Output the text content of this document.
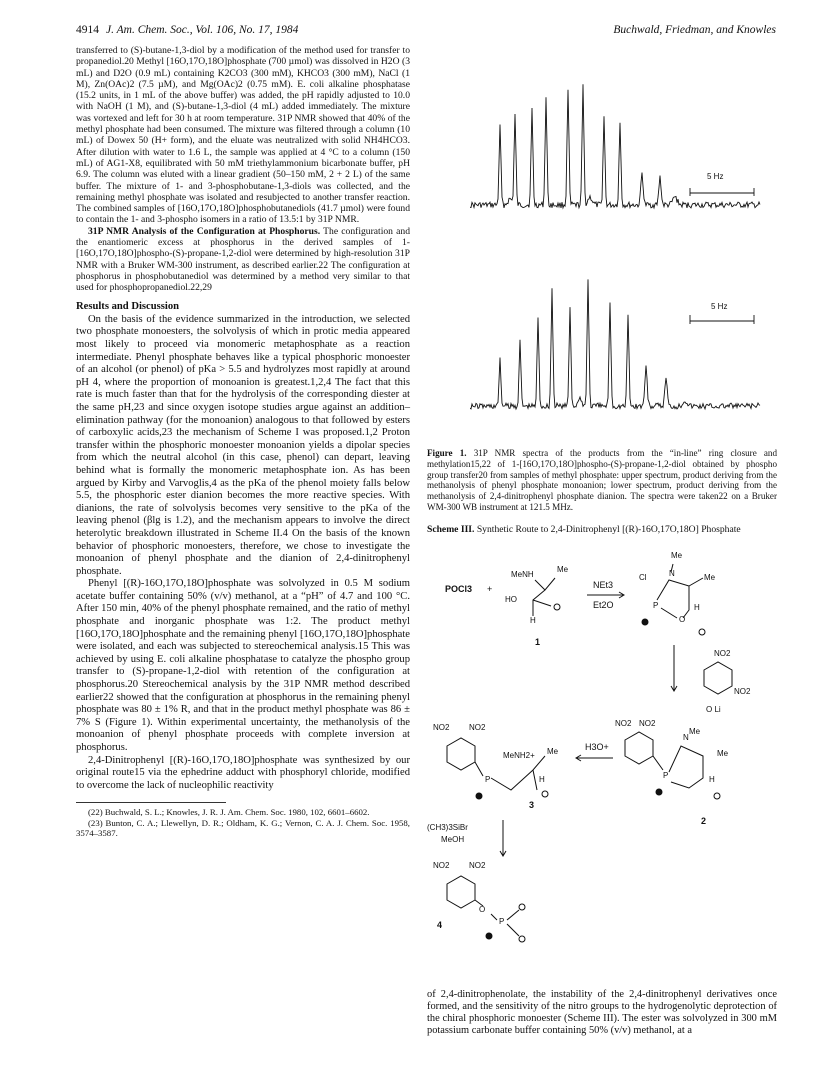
4914 J. Am. Chem. Soc., Vol. 106, No. 17, 1984	Buchwald, Friedman, and Knowles

transferred to (S)-butane-1,3-diol by a modification of the method used for transfer to propanediol.20 Methyl [16O,17O,18O]phosphate (700 µmol) was dissolved in H2O (3 mL) and D2O (0.9 mL) containing K2CO3 (300 mM), KHCO3 (300 mM), NaCl (1 M), Zn(OAc)2 (7.5 µM), and Mg(OAc)2 (0.75 mM). E. coli alkaline phosphatase (15.2 units, in 1 mL of the above buffer) was added, the pH rapidly adjusted to 10.0 with NaOH (1 M), and (S)-butane-1,3-diol (4 mL) added immediately. The mixture was vortexed and left for 30 h at room temperature. 31P NMR showed that 40% of the methyl phosphate had been consumed. The mixture was filtered through a column (10 mL) of Dowex 50 (H+ form), and the eluate was neutralized with solid NH4HCO3. After dilution with water to 1.6 L, the sample was applied at 4 °C to a column (150 mL) of AG1-X8, equilibrated with 50 mM triethylammonium bicarbonate buffer, pH 6.9. The column was eluted with a linear gradient (50–150 mM, 2 + 2 L) of the same buffer. The mixture of 1- and 3-phosphobutane-1,3-diols was collected, and the remaining methyl phosphate was isolated and resubjected to another transfer reaction. The combined samples of [16O,17O,18O]phosphobutanediols (41.7 µmol) were found to contain the 1- and 3-phospho isomers in a ratio of 13.5:1 by 31P NMR.

31P NMR Analysis of the Configuration at Phosphorus. The configuration and the enantiomeric excess at phosphorus in the derived samples of 1-[16O,17O,18O]phospho-(S)-propane-1,2-diol were determined by high-resolution 31P NMR with a Bruker WM-300 instrument, as described earlier.22 The configuration at phosphorus in phosphobutanediol was determined by a method very similar to that used for phosphopropanediol.22,29

Results and Discussion

On the basis of the evidence summarized in the introduction, we selected two phosphate monoesters, the solvolysis of which in protic media appeared most likely to proceed via monomeric metaphosphate as a reaction intermediate. Phenyl phosphate behaves like a typical phosphoric monoester of an alcohol (or phenol) of pKa > 5.5 and hydrolyzes most rapidly at around pH 4, where the proportion of monoanion is greatest.1,2,4 The fact that this rate is much faster than that for the hydrolysis of the corresponding diester at the same pH,23 and since oxygen isotope studies argue against an addition–elimination pathway (for the monoanion) analogous to that followed by esters of carboxylic acids,23 the mechanism of Scheme I was proposed.1,2 Proton transfer within the phosphoric monoester monoanion yields a dipolar species from which the neutral alcohol (in this case, phenol) can depart, leaving behind what is formally the monomeric metaphosphate ion. As has been argued by Kirby and Varvoglis,4 as the pKa of the phenol moiety falls below 5.5, the phosphoric ester dianion becomes the more reactive species. With dianions, the rate of solvolysis becomes very sensitive to the pKa of the leaving phenol (βlg is 1.2), and the mechanism appears to involve the direct heterolytic breakdown illustrated in Scheme II.4 On the basis of the known behavior of phosphoric monoesters, therefore, we chose to investigate the monoanion of phenyl phosphate and the dianion of 2,4-dinitrophenyl phosphate.

Phenyl [(R)-16O,17O,18O]phosphate was solvolyzed in 0.5 M sodium acetate buffer containing 50% (v/v) methanol, at a “pH” of 4.7 and 100 °C. After 150 min, 40% of the phenyl phosphate remained, and the ratio of methyl phosphate and inorganic phosphate was 1:2. The product methyl [16O,17O,18O]phosphate and the remaining phenyl [16O,17O,18O]phosphate were isolated, and each was subjected to stereochemical analysis.15 This was achieved by using E. coli alkaline phosphatase to catalyze the phospho group transfer to (S)-propane-1,2-diol with retention of the configuration at phosphorus.20 Stereochemical analysis by the 31P NMR method described earlier22 showed that the configuration at phosphorus in the remaining phenyl phosphate was 80 ± 1% R, and that in the product methyl phosphate was 86 ± 7% S (Figure 1). Within experimental uncertainty, the methanolysis of the monoanion of phenyl phosphate proceeds with complete inversion at phosphorus.

2,4-Dinitrophenyl [(R)-16O,17O,18O]phosphate was synthesized by our original route15 via the ephedrine adduct with phosphoryl chloride, modified to overcome the lack of nucleophilic reactivity

(22) Buchwald, S. L.; Knowles, J. R. J. Am. Chem. Soc. 1980, 102, 6601–6602.

(23) Bunton, C. A.; Llewellyn, D. R.; Oldham, K. G.; Vernon, C. A. J. Chem. Soc. 1958, 3574–3587.

5 Hz
5 Hz
Figure 1. 31P NMR spectra of the products from the “in-line” ring closure and methylation15,22 of 1-[16O,17O,18O]phospho-(S)-propane-1,2-diol obtained by phospho group transfer20 from samples of methyl phosphate: upper spectrum, product deriving from the methanolysis of phenyl phosphate monoanion; lower spectrum, product deriving from the methanolysis of 2,4-dinitrophenyl phosphate dianion. The spectra were taken22 on a Bruker WM-300 WB instrument at 121.5 MHz.
Scheme III. Synthetic Route to 2,4-Dinitrophenyl [(R)-16O,17O,18O] Phosphate
POCl3 +
MeNH
Me
HO
H
1
NEt3
Et2O
Cl	N
Me
Me
P
O
H
NO2
NO2
O Li
NO2 NO2
N
Me
Me
P	H
2
H3O+
NO2 NO2
MeNH2+ Me
P	H
3
(CH3)3SiBr
MeOH
NO2 NO2
O
P
4

of 2,4-dinitrophenolate, the instability of the 2,4-dinitrophenyl derivatives once formed, and the sensitivity of the nitro groups to the hydrogenolytic deprotection of the chiral phosphoric monoester (Scheme III). The ester was solvolyzed in 300 mM potassium carbonate buffer containing 50% (v/v) methanol, at a
